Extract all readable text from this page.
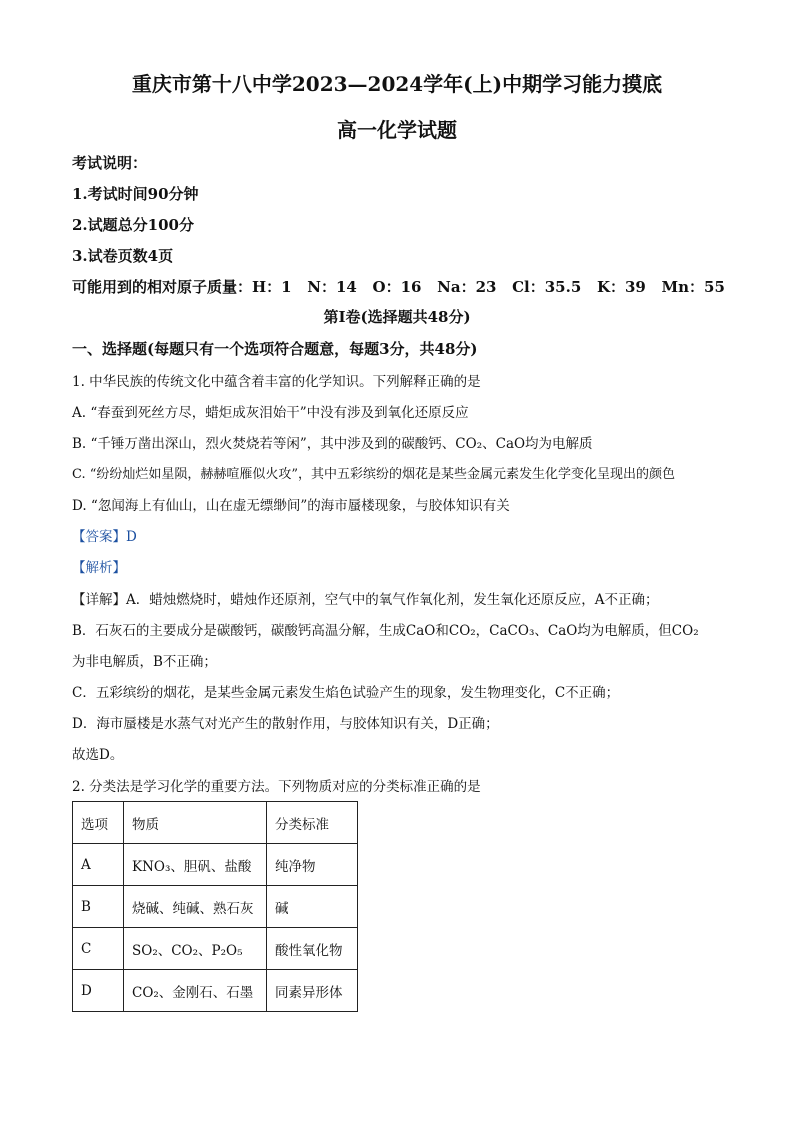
重庆市第十八中学2023—2024学年(上)中期学习能力摸底
高一化学试题
考试说明：
1.考试时间90分钟
2.试题总分100分
3.试卷页数4页
可能用到的相对原子质量：H：1   N：14   O：16   Na：23   Cl：35.5   K：39   Mn：55
第Ⅰ卷(选择题共48分)
一、选择题(每题只有一个选项符合题意，每题3分，共48分)
1. 中华民族的传统文化中蕴含着丰富的化学知识。下列解释正确的是
A. “春蚕到死丝方尽，蜡炬成灰泪始干”中没有涉及到氧化还原反应
B. “千锤万凿出深山，烈火焚烧若等闲”，其中涉及到的碳酸钙、CO₂、CaO均为电解质
C. “纷纷灿烂如星陨，赫赫喧雁似火攻”，其中五彩缤纷的烟花是某些金属元素发生化学变化呈现出的颜色
D. “忽闻海上有仙山，山在虚无缥缈间”的海市蜃楼现象，与胶体知识有关
【答案】D
【解析】
【详解】A．蜡烛燃烧时，蜡烛作还原剂，空气中的氧气作氧化剂，发生氧化还原反应，A不正确；
B．石灰石的主要成分是碳酸钙，碳酸钙高温分解，生成CaO和CO₂，CaCO₃、CaO均为电解质，但CO₂
为非电解质，B不正确；
C．五彩缤纷的烟花，是某些金属元素发生焰色试验产生的现象，发生物理变化，C不正确；
D．海市蜃楼是水蒸气对光产生的散射作用，与胶体知识有关，D正确；
故选D。
2. 分类法是学习化学的重要方法。下列物质对应的分类标准正确的是
选项	物质	分类标准
A	KNO₃、胆矾、盐酸	纯净物
B	烧碱、纯碱、熟石灰	碱
C	SO₂、CO₂、P₂O₅	酸性氧化物
D	CO₂、金刚石、石墨	同素异形体
